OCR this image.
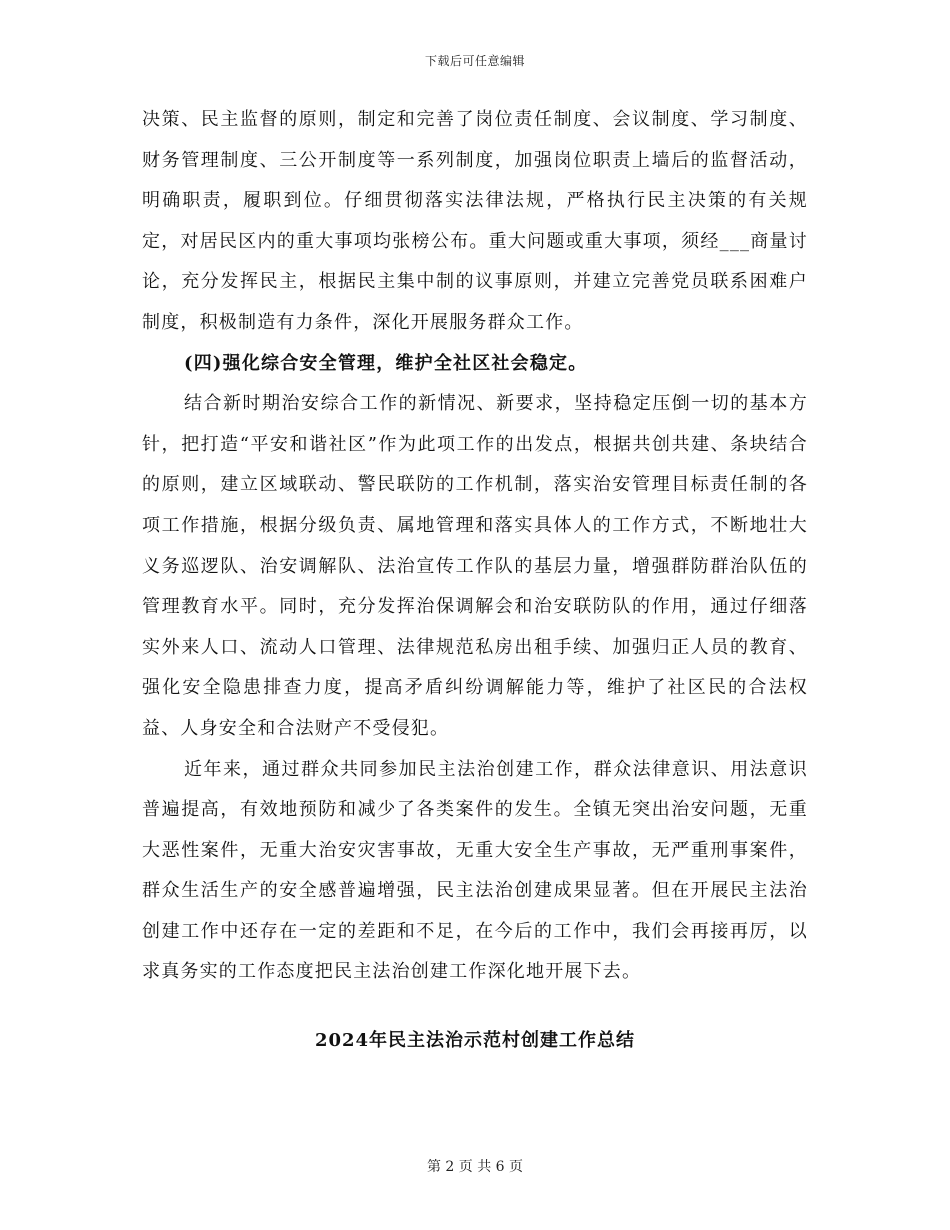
下载后可任意编辑

决策、民主监督的原则，制定和完善了岗位责任制度、会议制度、学习制度、财务管理制度、三公开制度等一系列制度，加强岗位职责上墙后的监督活动，明确职责，履职到位。仔细贯彻落实法律法规，严格执行民主决策的有关规定，对居民区内的重大事项均张榜公布。重大问题或重大事项，须经___商量讨论，充分发挥民主，根据民主集中制的议事原则，并建立完善党员联系困难户制度，积极制造有力条件，深化开展服务群众工作。

(四)强化综合安全管理，维护全社区社会稳定。

结合新时期治安综合工作的新情况、新要求，坚持稳定压倒一切的基本方针，把打造“平安和谐社区”作为此项工作的出发点，根据共创共建、条块结合的原则，建立区域联动、警民联防的工作机制，落实治安管理目标责任制的各项工作措施，根据分级负责、属地管理和落实具体人的工作方式，不断地壮大义务巡逻队、治安调解队、法治宣传工作队的基层力量，增强群防群治队伍的管理教育水平。同时，充分发挥治保调解会和治安联防队的作用，通过仔细落实外来人口、流动人口管理、法律规范私房出租手续、加强归正人员的教育、强化安全隐患排查力度，提高矛盾纠纷调解能力等，维护了社区民的合法权益、人身安全和合法财产不受侵犯。

近年来，通过群众共同参加民主法治创建工作，群众法律意识、用法意识普遍提高，有效地预防和减少了各类案件的发生。全镇无突出治安问题，无重大恶性案件，无重大治安灾害事故，无重大安全生产事故，无严重刑事案件，群众生活生产的安全感普遍增强，民主法治创建成果显著。但在开展民主法治创建工作中还存在一定的差距和不足，在今后的工作中，我们会再接再厉，以求真务实的工作态度把民主法治创建工作深化地开展下去。

2024年民主法治示范村创建工作总结

第 2 页 共 6 页
